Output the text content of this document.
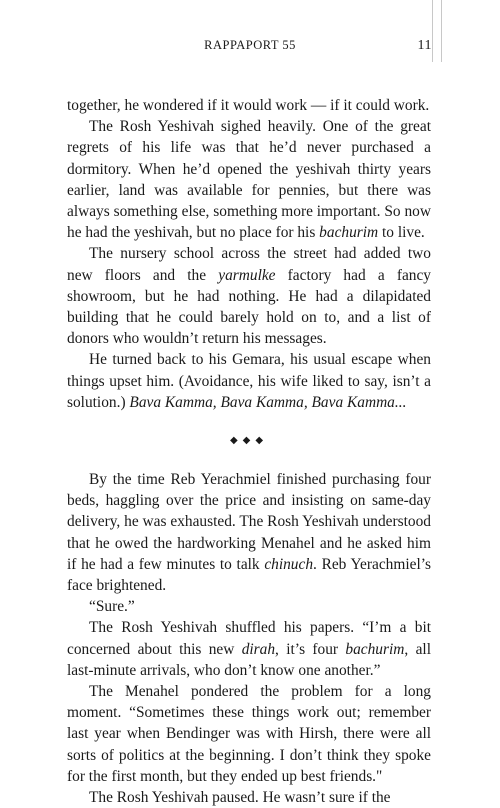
RAPPAPORT 55	11

together, he wondered if it would work — if it could work.

The Rosh Yeshivah sighed heavily. One of the great regrets of his life was that he’d never purchased a dormitory. When he’d opened the yeshivah thirty years earlier, land was available for pennies, but there was always something else, something more important. So now he had the yeshivah, but no place for his bachurim to live.

The nursery school across the street had added two new floors and the yarmulke factory had a fancy showroom, but he had nothing. He had a dilapidated building that he could barely hold on to, and a list of donors who wouldn’t return his messages.

He turned back to his Gemara, his usual escape when things upset him. (Avoidance, his wife liked to say, isn’t a solution.) Bava Kamma, Bava Kamma, Bava Kamma...

◆◆◆

By the time Reb Yerachmiel finished purchasing four beds, haggling over the price and insisting on same-day delivery, he was exhausted. The Rosh Yeshivah understood that he owed the hardworking Menahel and he asked him if he had a few minutes to talk chinuch. Reb Yerachmiel’s face brightened.

“Sure.”

The Rosh Yeshivah shuffled his papers. “I’m a bit concerned about this new dirah, it’s four bachurim, all last-minute arrivals, who don’t know one another.”

The Menahel pondered the problem for a long moment. “Sometimes these things work out; remember last year when Bendinger was with Hirsh, there were all sorts of politics at the beginning. I don’t think they spoke for the first month, but they ended up best friends."

The Rosh Yeshivah paused. He wasn’t sure if the
